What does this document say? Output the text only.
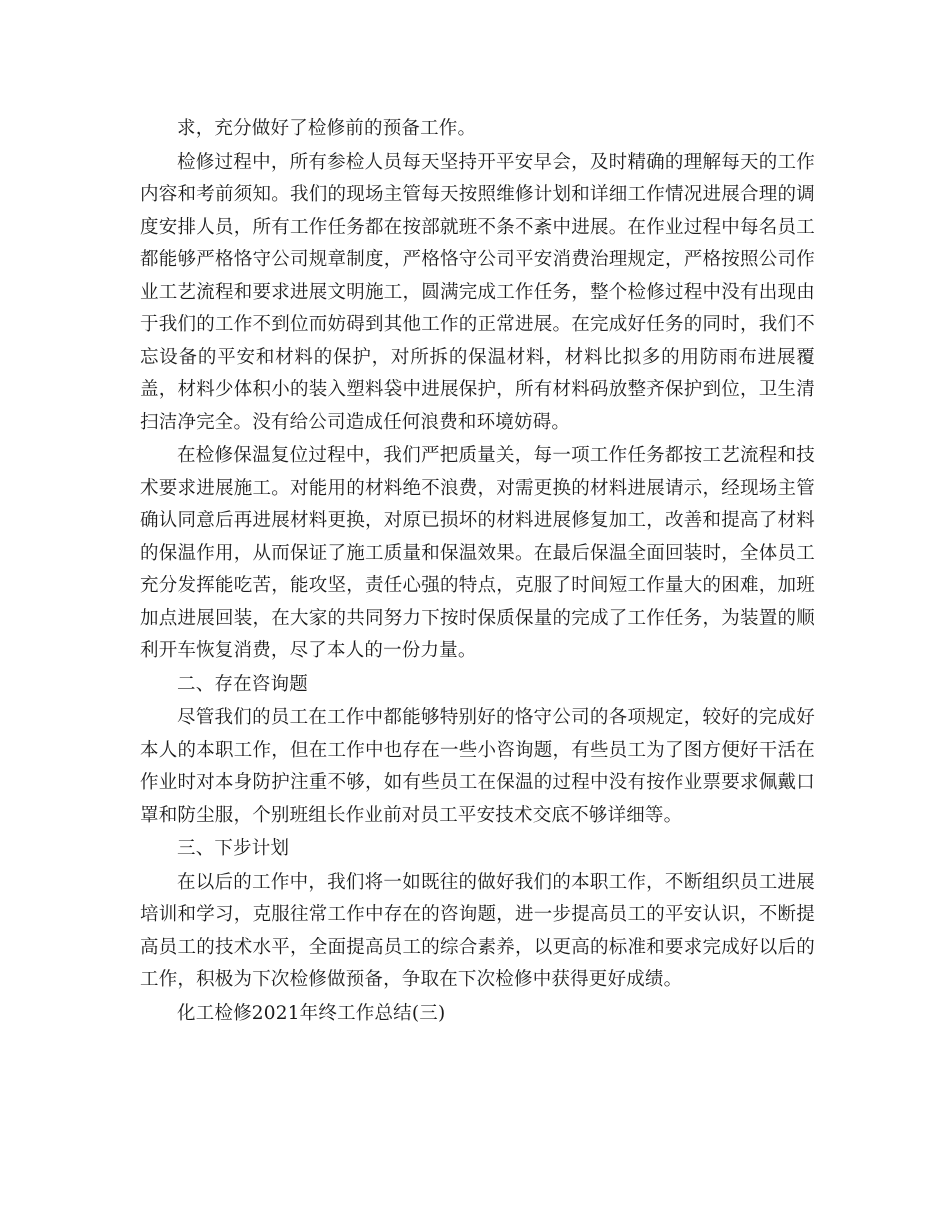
求，充分做好了检修前的预备工作。

检修过程中，所有参检人员每天坚持开平安早会，及时精确的理解每天的工作内容和考前须知。我们的现场主管每天按照维修计划和详细工作情况进展合理的调度安排人员，所有工作任务都在按部就班不条不紊中进展。在作业过程中每名员工都能够严格恪守公司规章制度，严格恪守公司平安消费治理规定，严格按照公司作业工艺流程和要求进展文明施工，圆满完成工作任务，整个检修过程中没有出现由于我们的工作不到位而妨碍到其他工作的正常进展。在完成好任务的同时，我们不忘设备的平安和材料的保护，对所拆的保温材料，材料比拟多的用防雨布进展覆盖，材料少体积小的装入塑料袋中进展保护，所有材料码放整齐保护到位，卫生清扫洁净完全。没有给公司造成任何浪费和环境妨碍。

在检修保温复位过程中，我们严把质量关，每一项工作任务都按工艺流程和技术要求进展施工。对能用的材料绝不浪费，对需更换的材料进展请示，经现场主管确认同意后再进展材料更换，对原已损坏的材料进展修复加工，改善和提高了材料的保温作用，从而保证了施工质量和保温效果。在最后保温全面回装时，全体员工充分发挥能吃苦，能攻坚，责任心强的特点，克服了时间短工作量大的困难，加班加点进展回装，在大家的共同努力下按时保质保量的完成了工作任务，为装置的顺利开车恢复消费，尽了本人的一份力量。

二、存在咨询题

尽管我们的员工在工作中都能够特别好的恪守公司的各项规定，较好的完成好本人的本职工作，但在工作中也存在一些小咨询题，有些员工为了图方便好干活在作业时对本身防护注重不够，如有些员工在保温的过程中没有按作业票要求佩戴口罩和防尘服，个别班组长作业前对员工平安技术交底不够详细等。

三、下步计划

在以后的工作中，我们将一如既往的做好我们的本职工作，不断组织员工进展培训和学习，克服往常工作中存在的咨询题，进一步提高员工的平安认识，不断提高员工的技术水平，全面提高员工的综合素养，以更高的标准和要求完成好以后的工作，积极为下次检修做预备，争取在下次检修中获得更好成绩。

化工检修2021年终工作总结(三)
